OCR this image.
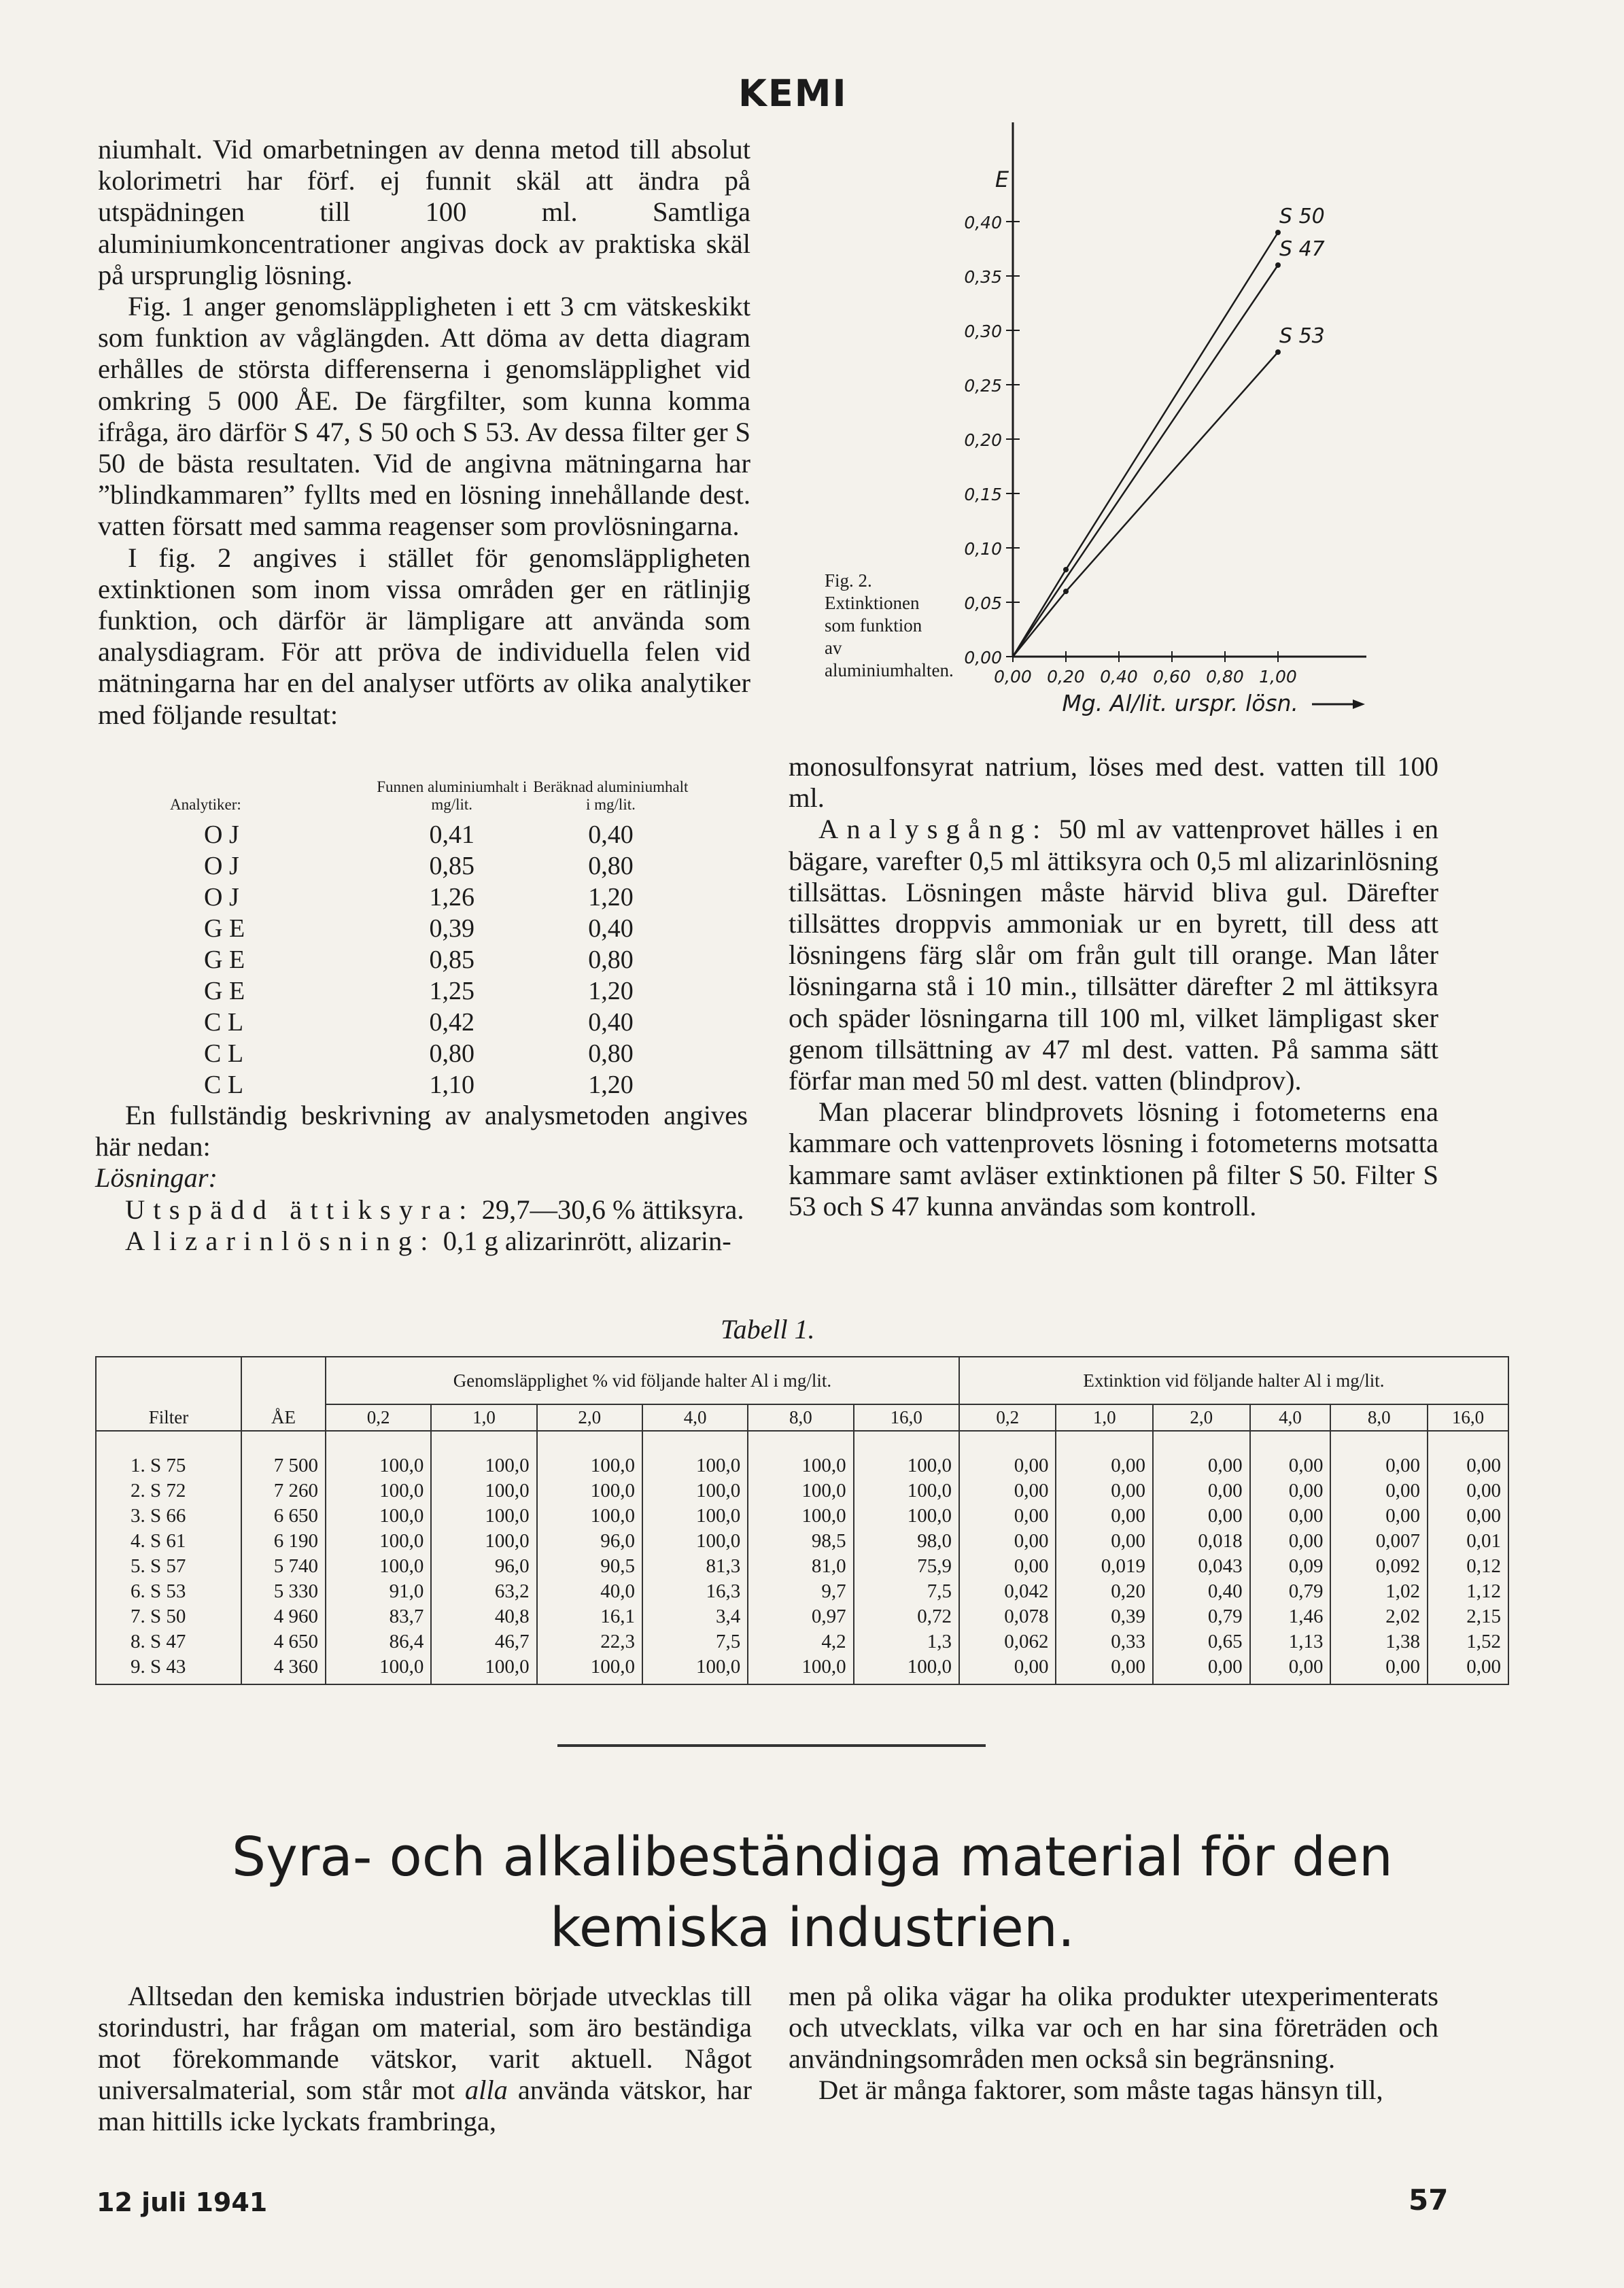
KEMI

niumhalt. Vid omarbetningen av denna metod till absolut kolorimetri har förf. ej funnit skäl att ändra på utspädningen till 100 ml. Samtliga aluminiumkoncentrationer angivas dock av praktiska skäl på ursprunglig lösning.

Fig. 1 anger genomsläppligheten i ett 3 cm vätskeskikt som funktion av våglängden. Att döma av detta diagram erhålles de största differenserna i genomsläpplighet vid omkring 5 000 ÅE. De färgfilter, som kunna komma ifråga, äro därför S 47, S 50 och S 53. Av dessa filter ger S 50 de bästa resultaten. Vid de angivna mätningarna har ”blindkammaren” fyllts med en lösning innehållande dest. vatten försatt med samma reagenser som provlösningarna.

I fig. 2 angives i stället för genomsläppligheten extinktionen som inom vissa områden ger en rätlinjig funktion, och därför är lämpligare att använda som analysdiagram. För att pröva de individuella felen vid mätningarna har en del analyser utförts av olika analytiker med följande resultat:

Fig. 2. Extinktionen som funktion av aluminiumhalten.
0,00
0,05
0,10
0,15
0,20
0,25
0,30
0,35
0,40
0,00 0,20 0,40 0,60 0,80 1,00
E
Mg. Al/lit. urspr. lösn.
S 50
S 47
S 53
Analytiker:	Funnen aluminiumhalt i mg/lit.	Beräknad aluminiumhalt i mg/lit.	
O J	0,41	0,40	
O J	0,85	0,80	
O J	1,26	1,20	
G E	0,39	0,40	
G E	0,85	0,80	
G E	1,25	1,20	
C L	0,42	0,40	
C L	0,80	0,80	
C L	1,10	1,20	

En fullständig beskrivning av analysmetoden angives här nedan:

Lösningar:

Utspädd ättiksyra: 29,7—30,6 % ättiksyra.

Alizarinlösning: 0,1 g alizarinrött, alizarin-

monosulfonsyrat natrium, löses med dest. vatten till 100 ml.

Analysgång: 50 ml av vattenprovet hälles i en bägare, varefter 0,5 ml ättiksyra och 0,5 ml alizarinlösning tillsättas. Lösningen måste härvid bliva gul. Därefter tillsättes droppvis ammoniak ur en byrett, till dess att lösningens färg slår om från gult till orange. Man låter lösningarna stå i 10 min., tillsätter därefter 2 ml ättiksyra och späder lösningarna till 100 ml, vilket lämpligast sker genom tillsättning av 47 ml dest. vatten. På samma sätt förfar man med 50 ml dest. vatten (blindprov).

Man placerar blindprovets lösning i fotometerns ena kammare och vattenprovets lösning i fotometerns motsatta kammare samt avläser extinktionen på filter S 50. Filter S 53 och S 47 kunna användas som kontroll.

Tabell 1.
Filter	ÅE	Genomsläpplighet % vid följande halter Al i mg/lit.						Extinktion vid följande halter Al i mg/lit.					
		0,2	1,0	2,0	4,0	8,0	16,0	0,2	1,0	2,0	4,0	8,0	16,0
1. S 75	7 500	100,0	100,0	100,0	100,0	100,0	100,0	0,00	0,00	0,00	0,00	0,00	0,00
2. S 72	7 260	100,0	100,0	100,0	100,0	100,0	100,0	0,00	0,00	0,00	0,00	0,00	0,00
3. S 66	6 650	100,0	100,0	100,0	100,0	100,0	100,0	0,00	0,00	0,00	0,00	0,00	0,00
4. S 61	6 190	100,0	100,0	96,0	100,0	98,5	98,0	0,00	0,00	0,018	0,00	0,007	0,01
5. S 57	5 740	100,0	96,0	90,5	81,3	81,0	75,9	0,00	0,019	0,043	0,09	0,092	0,12
6. S 53	5 330	91,0	63,2	40,0	16,3	9,7	7,5	0,042	0,20	0,40	0,79	1,02	1,12
7. S 50	4 960	83,7	40,8	16,1	3,4	0,97	0,72	0,078	0,39	0,79	1,46	2,02	2,15
8. S 47	4 650	86,4	46,7	22,3	7,5	4,2	1,3	0,062	0,33	0,65	1,13	1,38	1,52
9. S 43	4 360	100,0	100,0	100,0	100,0	100,0	100,0	0,00	0,00	0,00	0,00	0,00	0,00
Syra- och alkalibeständiga material för den
kemiska industrien.

Alltsedan den kemiska industrien började utvecklas till storindustri, har frågan om material, som äro beständiga mot förekommande vätskor, varit aktuell. Något universalmaterial, som står mot alla använda vätskor, har man hittills icke lyckats frambringa,

men på olika vägar ha olika produkter utexperimenterats och utvecklats, vilka var och en har sina företräden och användningsområden men också sin begränsning.

Det är många faktorer, som måste tagas hänsyn till,

12 juli 1941	57
